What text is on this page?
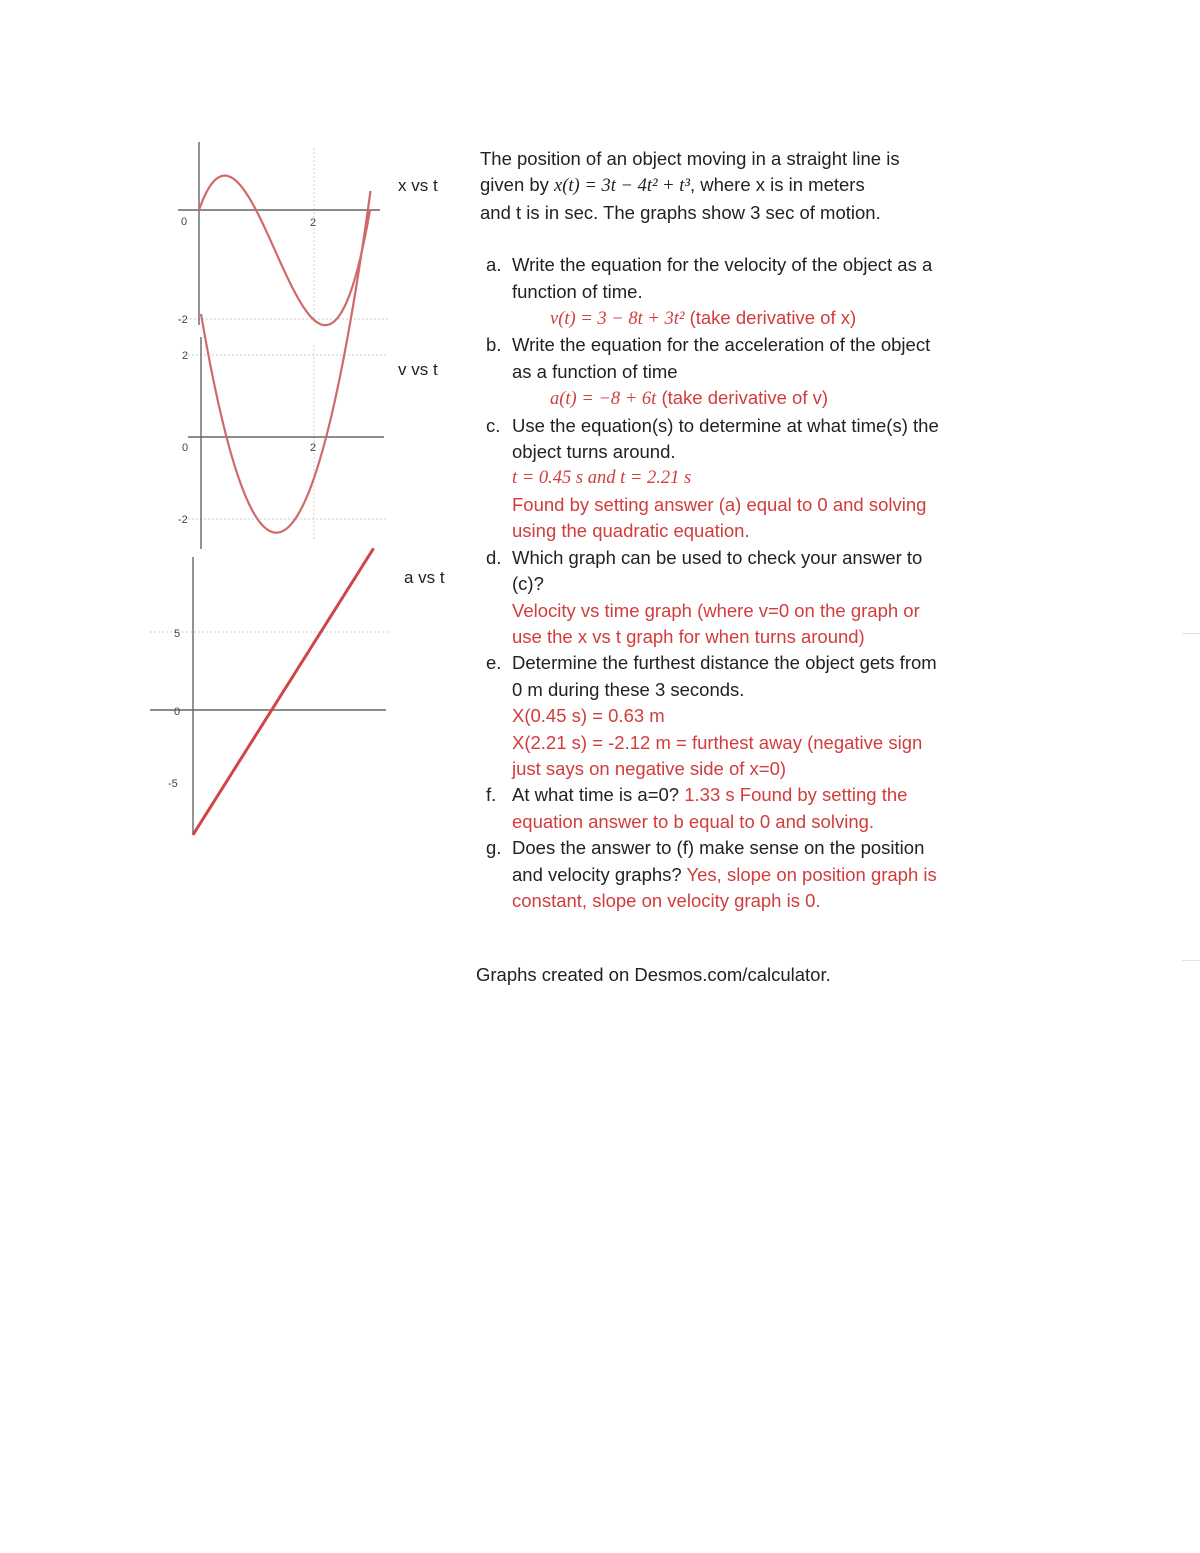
0	2
-2
x vs t
2
0	2
-2
v vs t
5
0
-5
a vs t
The position of an object moving in a straight line is
given by x(t) = 3t − 4t² + t³, where x is in meters
and t is in sec. The graphs show 3 sec of motion.
a. Write the equation for the velocity of the object as a function of time.
v(t) = 3 − 8t + 3t² (take derivative of x)
b. Write the equation for the acceleration of the object as a function of time
a(t) = −8 + 6t (take derivative of v)
c. Use the equation(s) to determine at what time(s) the object turns around.
t = 0.45 s and t = 2.21 s
Found by setting answer (a) equal to 0 and solving using the quadratic equation.
d. Which graph can be used to check your answer to (c)?
Velocity vs time graph (where v=0 on the graph or use the x vs t graph for when turns around)
e. Determine the furthest distance the object gets from 0 m during these 3 seconds.
X(0.45 s) = 0.63 m
X(2.21 s) = -2.12 m = furthest away (negative sign just says on negative side of x=0)
f. At what time is a=0? 1.33 s Found by setting the equation answer to b equal to 0 and solving.
g. Does the answer to (f) make sense on the position and velocity graphs? Yes, slope on position graph is constant, slope on velocity graph is 0.
Graphs created on Desmos.com/calculator.
